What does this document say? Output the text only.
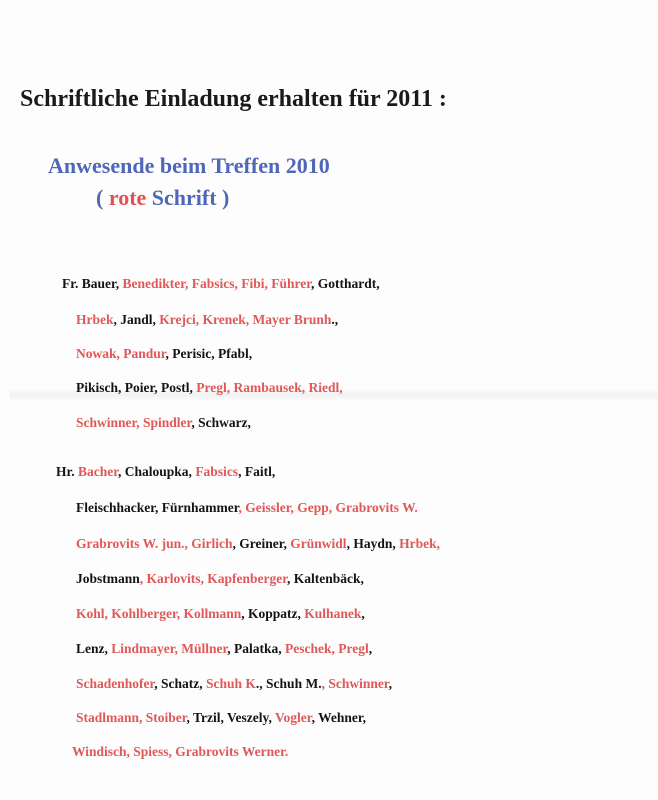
Schriftliche Einladung erhalten für 2011 :
Anwesende beim Treffen 2010

( rote Schrift )

Fr. Bauer, Benedikter, Fabsics, Fibi, Führer, Gotthardt,

Hrbek, Jandl, Krejci, Krenek, Mayer Brunh.,

Nowak, Pandur, Perisic, Pfabl,

Pikisch, Poier, Postl, Pregl, Rambausek, Riedl,

Schwinner, Spindler, Schwarz,

Hr. Bacher, Chaloupka, Fabsics, Faitl,

Fleischhacker, Fürnhammer, Geissler, Gepp, Grabrovits W.

Grabrovits W. jun., Girlich, Greiner, Grünwidl, Haydn, Hrbek,

Jobstmann, Karlovits, Kapfenberger, Kaltenbäck,

Kohl, Kohlberger, Kollmann, Koppatz, Kulhanek,

Lenz, Lindmayer, Müllner, Palatka, Peschek, Pregl,

Schadenhofer, Schatz, Schuh K., Schuh M., Schwinner,

Stadlmann, Stoiber, Trzil, Veszely, Vogler, Wehner,

Windisch, Spiess, Grabrovits Werner.
